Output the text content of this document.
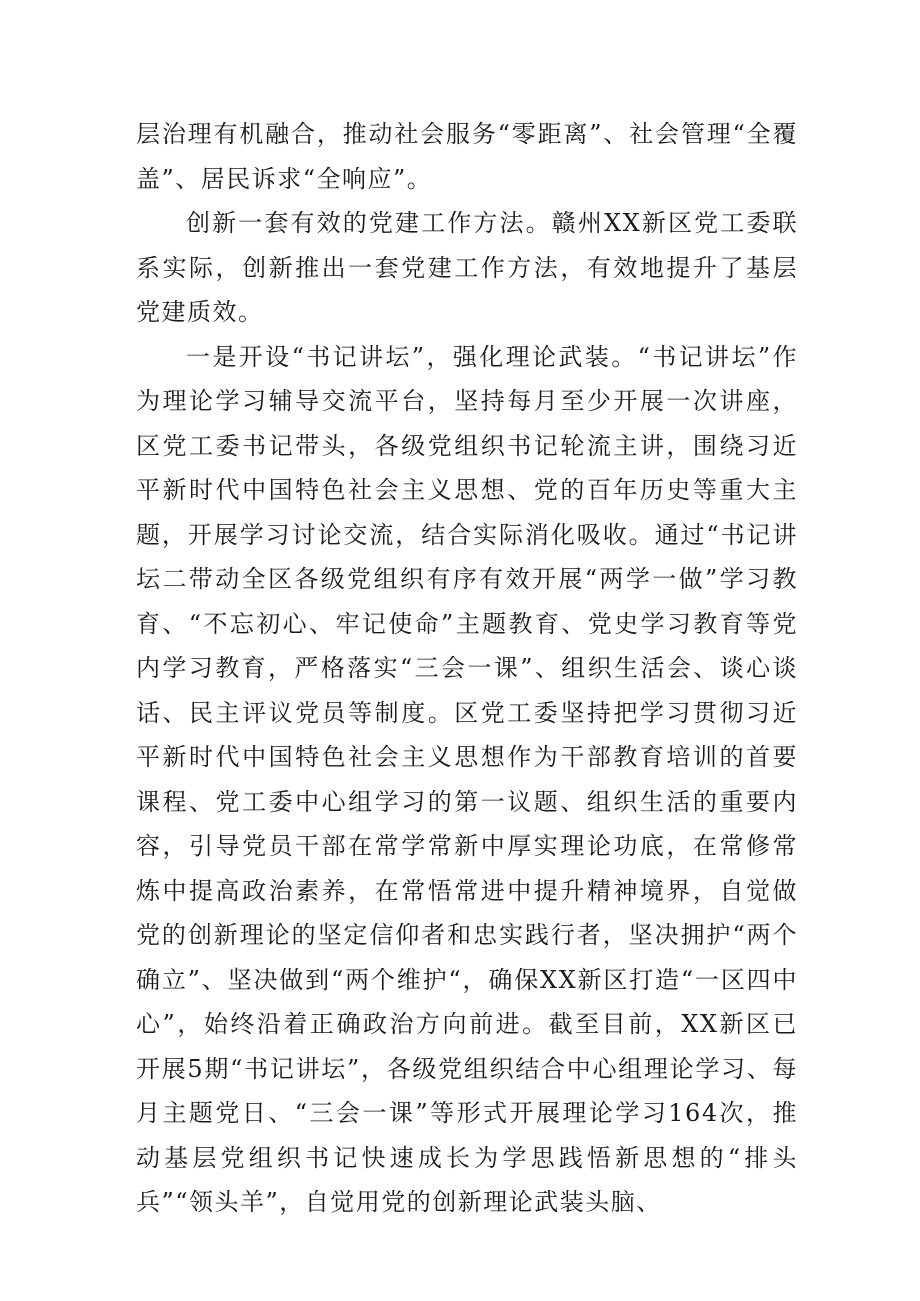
层治理有机融合，推动社会服务“零距离”、社会管理“全覆盖”、居民诉求“全响应”。

创新一套有效的党建工作方法。赣州XX新区党工委联系实际，创新推出一套党建工作方法，有效地提升了基层党建质效。

一是开设“书记讲坛”，强化理论武装。“书记讲坛”作为理论学习辅导交流平台，坚持每月至少开展一次讲座，区党工委书记带头，各级党组织书记轮流主讲，围绕习近平新时代中国特色社会主义思想、党的百年历史等重大主题，开展学习讨论交流，结合实际消化吸收。通过“书记讲坛二带动全区各级党组织有序有效开展“两学一做”学习教育、“不忘初心、牢记使命”主题教育、党史学习教育等党内学习教育，严格落实“三会一课”、组织生活会、谈心谈话、民主评议党员等制度。区党工委坚持把学习贯彻习近平新时代中国特色社会主义思想作为干部教育培训的首要课程、党工委中心组学习的第一议题、组织生活的重要内容，引导党员干部在常学常新中厚实理论功底，在常修常炼中提高政治素养，在常悟常进中提升精神境界，自觉做党的创新理论的坚定信仰者和忠实践行者，坚决拥护“两个确立”、坚决做到“两个维护“，确保XX新区打造“一区四中心”，始终沿着正确政治方向前进。截至目前，XX新区已开展5期“书记讲坛”，各级党组织结合中心组理论学习、每月主题党日、“三会一课”等形式开展理论学习164次，推动基层党组织书记快速成长为学思践悟新思想的“排头兵”“领头羊”，自觉用党的创新理论武装头脑、
